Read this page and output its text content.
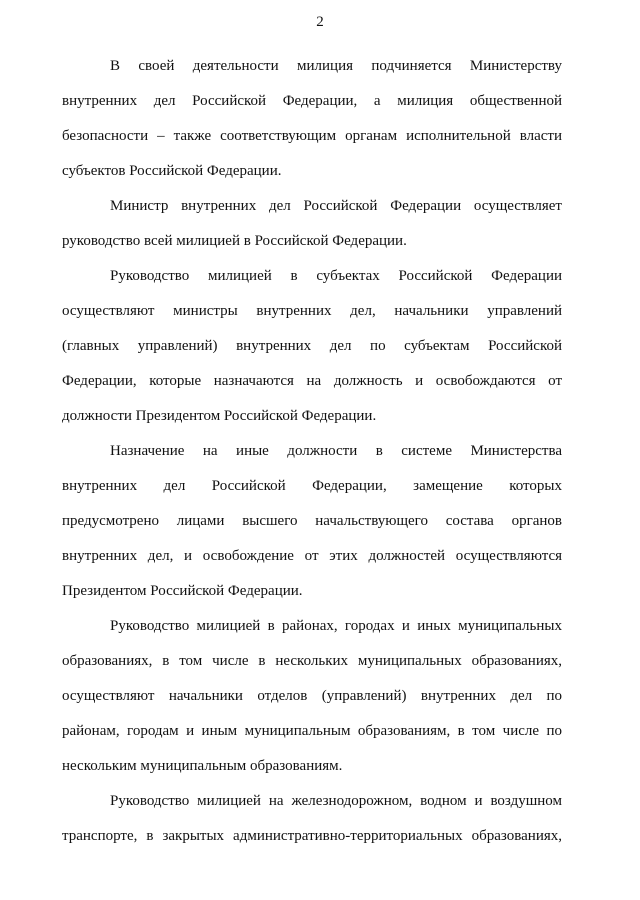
2
В своей деятельности милиция подчиняется Министерству
внутренних дел Российской Федерации, а милиция общественной
безопасности – также соответствующим органам исполнительной власти
субъектов Российской Федерации.
Министр внутренних дел Российской Федерации осуществляет
руководство всей милицией в Российской Федерации.
Руководство милицией в субъектах Российской Федерации
осуществляют министры внутренних дел, начальники управлений
(главных управлений) внутренних дел по субъектам Российской
Федерации, которые назначаются на должность и освобождаются от
должности Президентом Российской Федерации.
Назначение на иные должности в системе Министерства
внутренних дел Российской Федерации, замещение которых
предусмотрено лицами высшего начальствующего состава органов
внутренних дел, и освобождение от этих должностей осуществляются
Президентом Российской Федерации.
Руководство милицией в районах, городах и иных муниципальных
образованиях, в том числе в нескольких муниципальных образованиях,
осуществляют начальники отделов (управлений) внутренних дел по
районам, городам и иным муниципальным образованиям, в том числе по
нескольким муниципальным образованиям.
Руководство милицией на железнодорожном, водном и воздушном
транспорте, в закрытых административно-территориальных образованиях,
